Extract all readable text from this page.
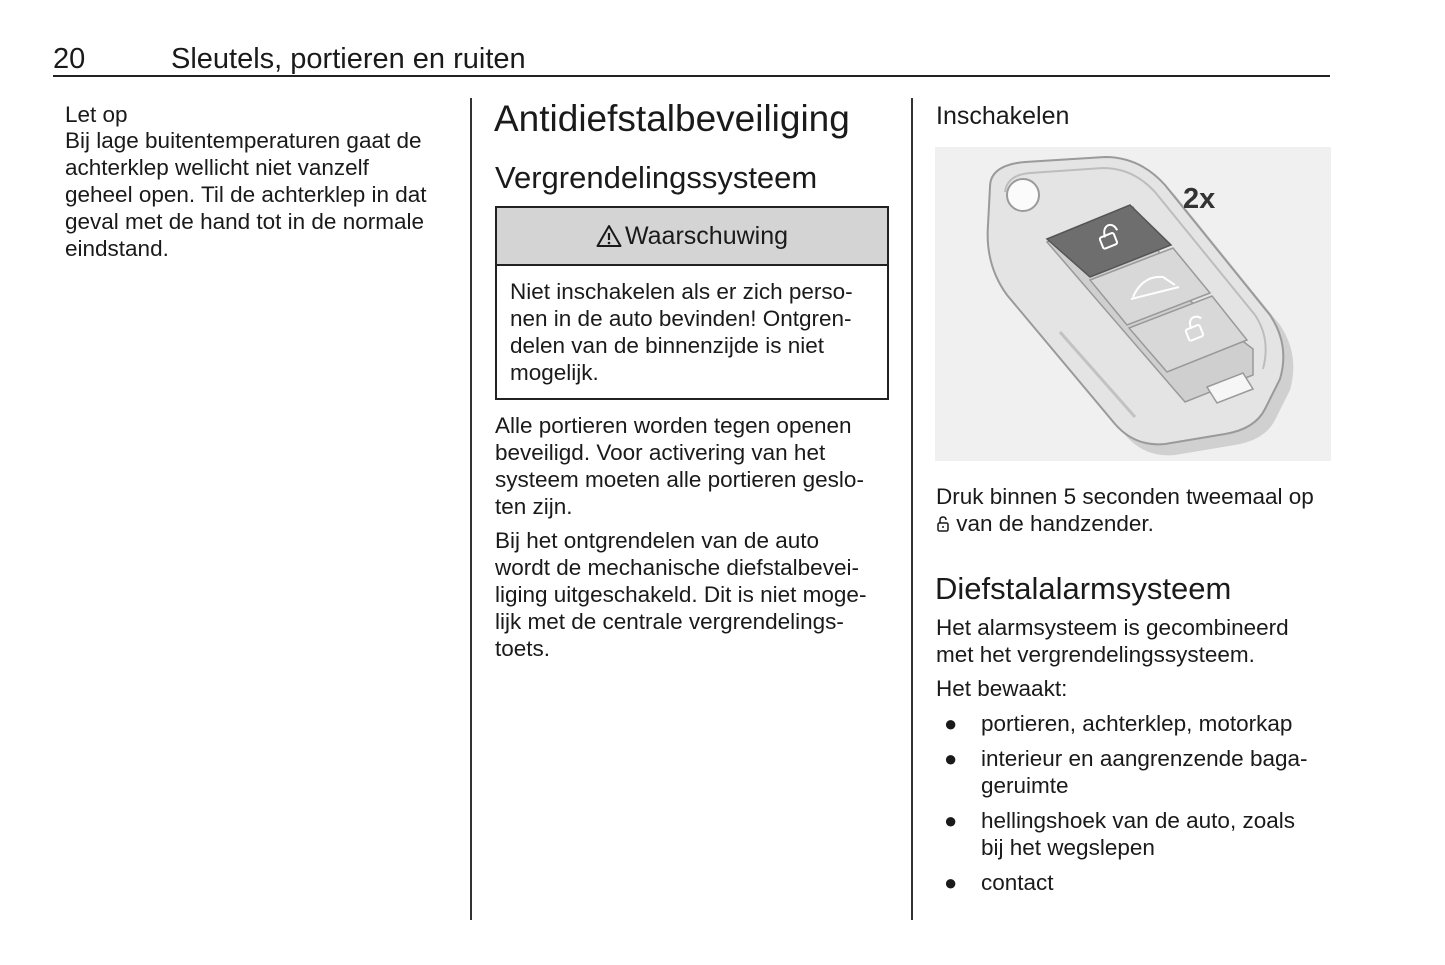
20	Sleutels, portieren en ruiten
Let op
Bij lage buitentemperaturen gaat de
achterklep wellicht niet vanzelf
geheel open. Til de achterklep in dat
geval met de hand tot in de normale
eindstand.
Antidiefstalbeveiliging
Vergrendelingssysteem
Waarschuwing
Niet inschakelen als er zich perso-
nen in de auto bevinden! Ontgren-
delen van de binnenzijde is niet
mogelijk.
Alle portieren worden tegen openen
beveiligd. Voor activering van het
systeem moeten alle portieren geslo-
ten zijn.
Bij het ontgrendelen van de auto
wordt de mechanische diefstalbevei-
liging uitgeschakeld. Dit is niet moge-
lijk met de centrale vergrendelings-
toets.
Inschakelen
2x
Druk binnen 5 seconden tweemaal op
van de handzender.
Diefstalalarmsysteem
Het alarmsysteem is gecombineerd
met het vergrendelingssysteem.
Het bewaakt:
● portieren, achterklep, motorkap
● interieur en aangrenzende baga-
geruimte
● hellingshoek van de auto, zoals
bij het wegslepen
● contact
